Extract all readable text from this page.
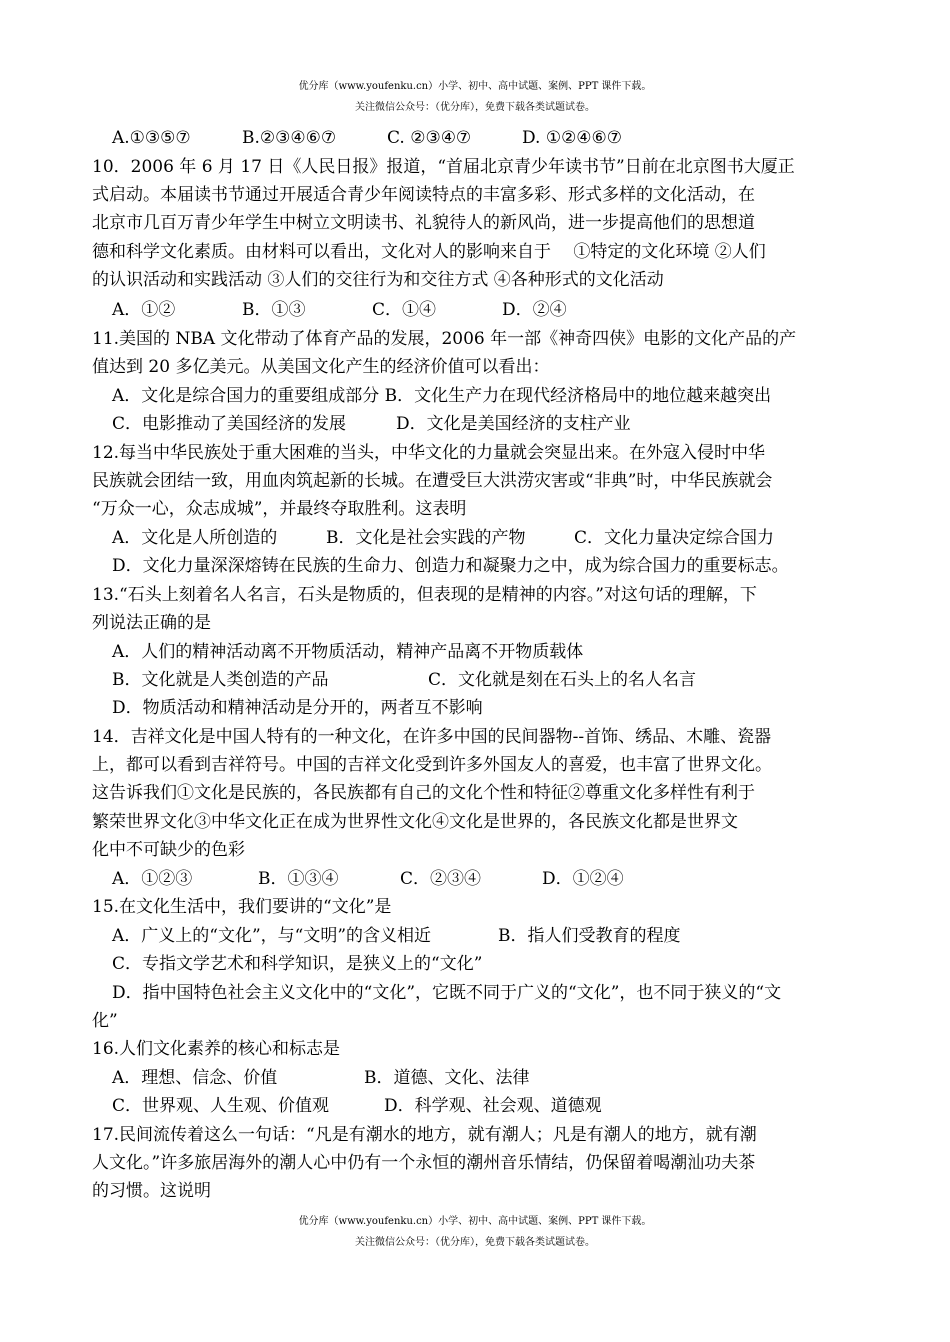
优分库（www.youfenku.cn）小学、初中、高中试题、案例、PPT 课件下载。
关注微信公众号：（优分库），免费下载各类试题试卷。
A.①③⑤⑦	B.②③④⑥⑦	C. ②③④⑦	D. ①②④⑥⑦
10．2006 年 6 月 17 日《人民日报》报道，“首届北京青少年读书节”日前在北京图书大厦正
式启动。本届读书节通过开展适合青少年阅读特点的丰富多彩、形式多样的文化活动，在
北京市几百万青少年学生中树立文明读书、礼貌待人的新风尚，进一步提高他们的思想道
德和科学文化素质。由材料可以看出，文化对人的影响来自于　 ①特定的文化环境 ②人们
的认识活动和实践活动 ③人们的交往行为和交往方式 ④各种形式的文化活动
A．①②	B．①③	C．①④	D．②④
11.美国的 NBA 文化带动了体育产品的发展，2006 年一部《神奇四侠》电影的文化产品的产
值达到 20 多亿美元。从美国文化产生的经济价值可以看出：
A．文化是综合国力的重要组成部分 B．文化生产力在现代经济格局中的地位越来越突出
C．电影推动了美国经济的发展	D．文化是美国经济的支柱产业
12.每当中华民族处于重大困难的当头，中华文化的力量就会突显出来。在外寇入侵时中华
民族就会团结一致，用血肉筑起新的长城。在遭受巨大洪涝灾害或“非典”时，中华民族就会
“万众一心，众志成城”，并最终夺取胜利。这表明
A．文化是人所创造的	B．文化是社会实践的产物	C．文化力量决定综合国力
D．文化力量深深熔铸在民族的生命力、创造力和凝聚力之中，成为综合国力的重要标志。
13.“石头上刻着名人名言，石头是物质的，但表现的是精神的内容。”对这句话的理解，下
列说法正确的是
A．人们的精神活动离不开物质活动，精神产品离不开物质载体
B．文化就是人类创造的产品	C．文化就是刻在石头上的名人名言
D．物质活动和精神活动是分开的，两者互不影响
14．吉祥文化是中国人特有的一种文化，在许多中国的民间器物--首饰、绣品、木雕、瓷器
上，都可以看到吉祥符号。中国的吉祥文化受到许多外国友人的喜爱，也丰富了世界文化。
这告诉我们①文化是民族的，各民族都有自己的文化个性和特征②尊重文化多样性有利于
繁荣世界文化③中华文化正在成为世界性文化④文化是世界的，各民族文化都是世界文
化中不可缺少的色彩
A．①②③	B．①③④	C．②③④	D．①②④
15.在文化生活中，我们要讲的“文化”是
A．广义上的“文化”，与“文明”的含义相近	B．指人们受教育的程度
C．专指文学艺术和科学知识，是狭义上的“文化”
D．指中国特色社会主义文化中的“文化”，它既不同于广义的“文化”，也不同于狭义的“文
化”
16.人们文化素养的核心和标志是
A．理想、信念、价值	B．道德、文化、法律
C．世界观、人生观、价值观	D．科学观、社会观、道德观
17.民间流传着这么一句话：“凡是有潮水的地方，就有潮人；凡是有潮人的地方，就有潮
人文化。”许多旅居海外的潮人心中仍有一个永恒的潮州音乐情结，仍保留着喝潮汕功夫茶
的习惯。这说明
优分库（www.youfenku.cn）小学、初中、高中试题、案例、PPT 课件下载。
关注微信公众号：（优分库），免费下载各类试题试卷。
